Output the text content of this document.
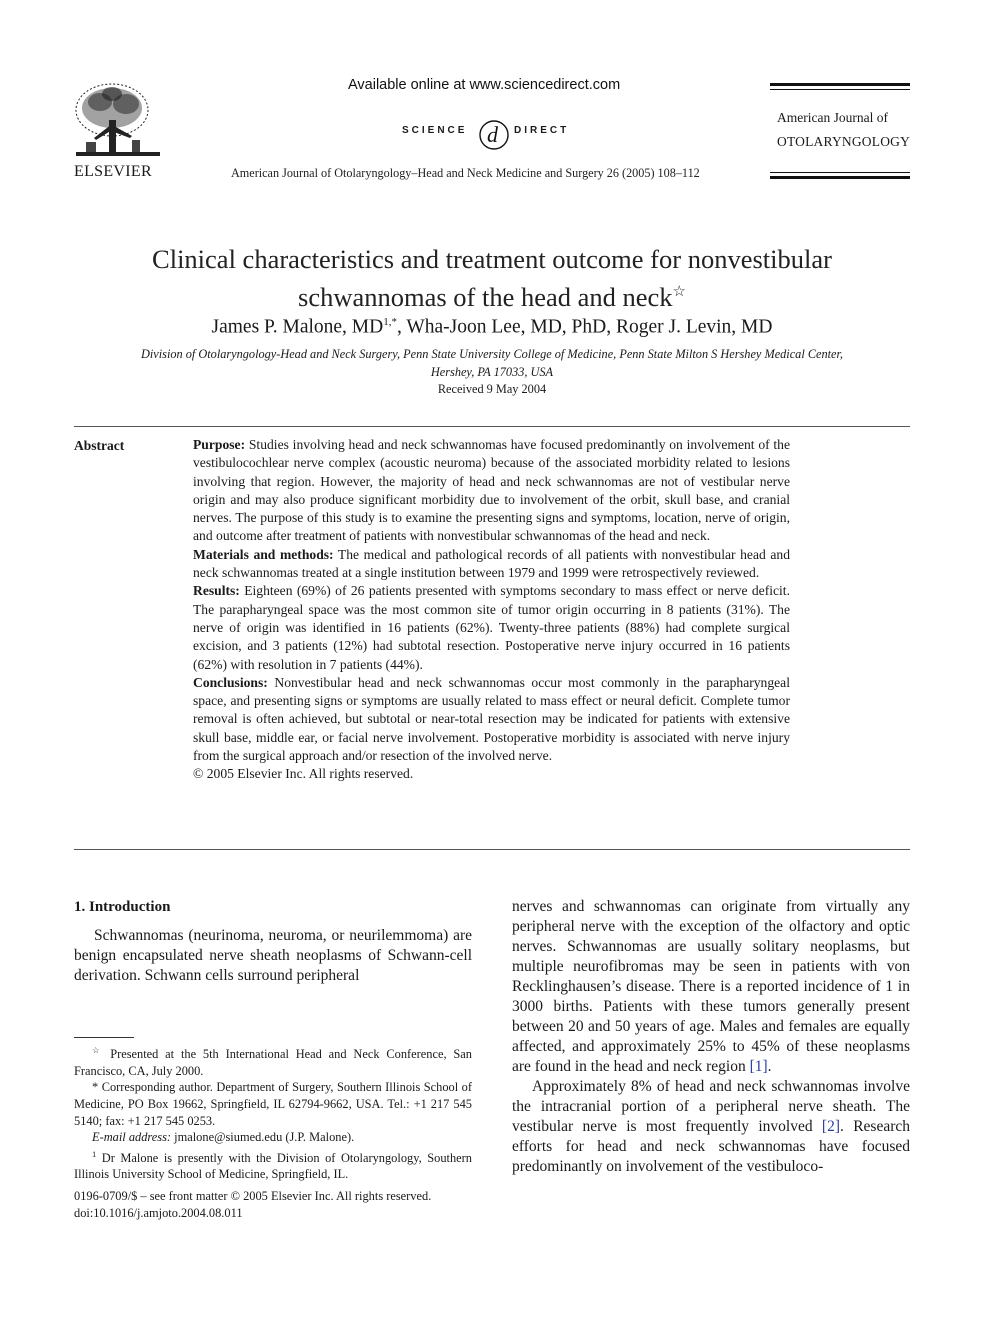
ELSEVIER
Available online at www.sciencedirect.com
SCIENCE d DIRECT
American Journal of Otolaryngology–Head and Neck Medicine and Surgery 26 (2005) 108–112
American Journal of
OTOLARYNGOLOGY
Clinical characteristics and treatment outcome for nonvestibular
schwannomas of the head and neck☆
James P. Malone, $MD^{1,*}$, Wha-Joon Lee, MD, PhD, Roger J. Levin, MD
Division of Otolaryngology-Head and Neck Surgery, Penn State University College of Medicine, Penn State Milton S Hershey Medical Center,
Hershey, PA 17033, USA
Received 9 May 2004
Abstract	Purpose: Studies involving head and neck schwannomas have focused predominantly on involvement of the vestibulocochlear nerve complex (acoustic neuroma) because of the associated morbidity related to lesions involving that region. However, the majority of head and neck schwannomas are not of vestibular nerve origin and may also produce significant morbidity due to involvement of the orbit, skull base, and cranial nerves. The purpose of this study is to examine the presenting signs and symptoms, location, nerve of origin, and outcome after treatment of patients with nonvestibular schwannomas of the head and neck.

Materials and methods: The medical and pathological records of all patients with nonvestibular head and neck schwannomas treated at a single institution between 1979 and 1999 were retrospectively reviewed.

Results: Eighteen (69%) of 26 patients presented with symptoms secondary to mass effect or nerve deficit. The parapharyngeal space was the most common site of tumor origin occurring in 8 patients (31%). The nerve of origin was identified in 16 patients (62%). Twenty-three patients (88%) had complete surgical excision, and 3 patients (12%) had subtotal resection. Postoperative nerve injury occurred in 16 patients (62%) with resolution in 7 patients (44%).

Conclusions: Nonvestibular head and neck schwannomas occur most commonly in the parapharyngeal space, and presenting signs or symptoms are usually related to mass effect or neural deficit. Complete tumor removal is often achieved, but subtotal or near-total resection may be indicated for patients with extensive skull base, middle ear, or facial nerve involvement. Postoperative morbidity is associated with nerve injury from the surgical approach and/or resection of the involved nerve.

© 2005 Elsevier Inc. All rights reserved.

1. Introduction

Schwannomas (neurinoma, neuroma, or neurilemmoma) are benign encapsulated nerve sheath neoplasms of Schwann-cell derivation. Schwann cells surround peripheral

nerves and schwannomas can originate from virtually any peripheral nerve with the exception of the olfactory and optic nerves. Schwannomas are usually solitary neoplasms, but multiple neurofibromas may be seen in patients with von Recklinghausen’s disease. There is a reported incidence of 1 in 3000 births. Patients with these tumors generally present between 20 and 50 years of age. Males and females are equally affected, and approximately 25% to 45% of these neoplasms are found in the head and neck region [1].

Approximately 8% of head and neck schwannomas involve the intracranial portion of a peripheral nerve sheath. The vestibular nerve is most frequently involved [2]. Research efforts for head and neck schwannomas have focused predominantly on involvement of the vestibuloco-

☆ Presented at the 5th International Head and Neck Conference, San Francisco, CA, July 2000.

* Corresponding author. Department of Surgery, Southern Illinois School of Medicine, PO Box 19662, Springfield, IL 62794-9662, USA. Tel.: +1 217 545 5140; fax: +1 217 545 0253.

E-mail address: jmalone@siumed.edu (J.P. Malone).

$^1$ Dr Malone is presently with the Division of Otolaryngology, Southern Illinois University School of Medicine, Springfield, IL.

0196-0709/$ – see front matter © 2005 Elsevier Inc. All rights reserved.
doi:10.1016/j.amjoto.2004.08.011
